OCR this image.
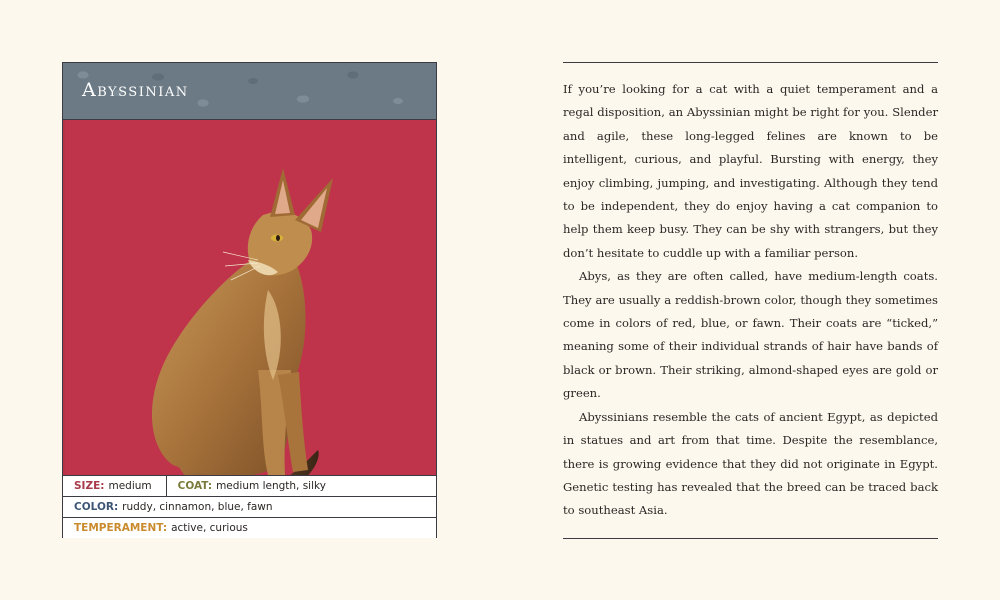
Abyssinian
SIZE: medium COAT: medium length, silky
COLOR: ruddy, cinnamon, blue, fawn
TEMPERAMENT: active, curious

If you’re looking for a cat with a quiet temperament and a regal disposition, an Abyssinian might be right for you. Slender and agile, these long-legged felines are known to be intelligent, curious, and playful. Bursting with energy, they enjoy climbing, jumping, and investigating. Although they tend to be independent, they do enjoy having a cat companion to help them keep busy. They can be shy with strangers, but they don’t hesitate to cuddle up with a familiar person.

Abys, as they are often called, have medium-length coats. They are usually a reddish-brown color, though they sometimes come in colors of red, blue, or fawn. Their coats are “ticked,” meaning some of their individual strands of hair have bands of black or brown. Their striking, almond-shaped eyes are gold or green.

Abyssinians resemble the cats of ancient Egypt, as depicted in statues and art from that time. Despite the resemblance, there is growing evidence that they did not originate in Egypt. Genetic testing has revealed that the breed can be traced back to southeast Asia.
